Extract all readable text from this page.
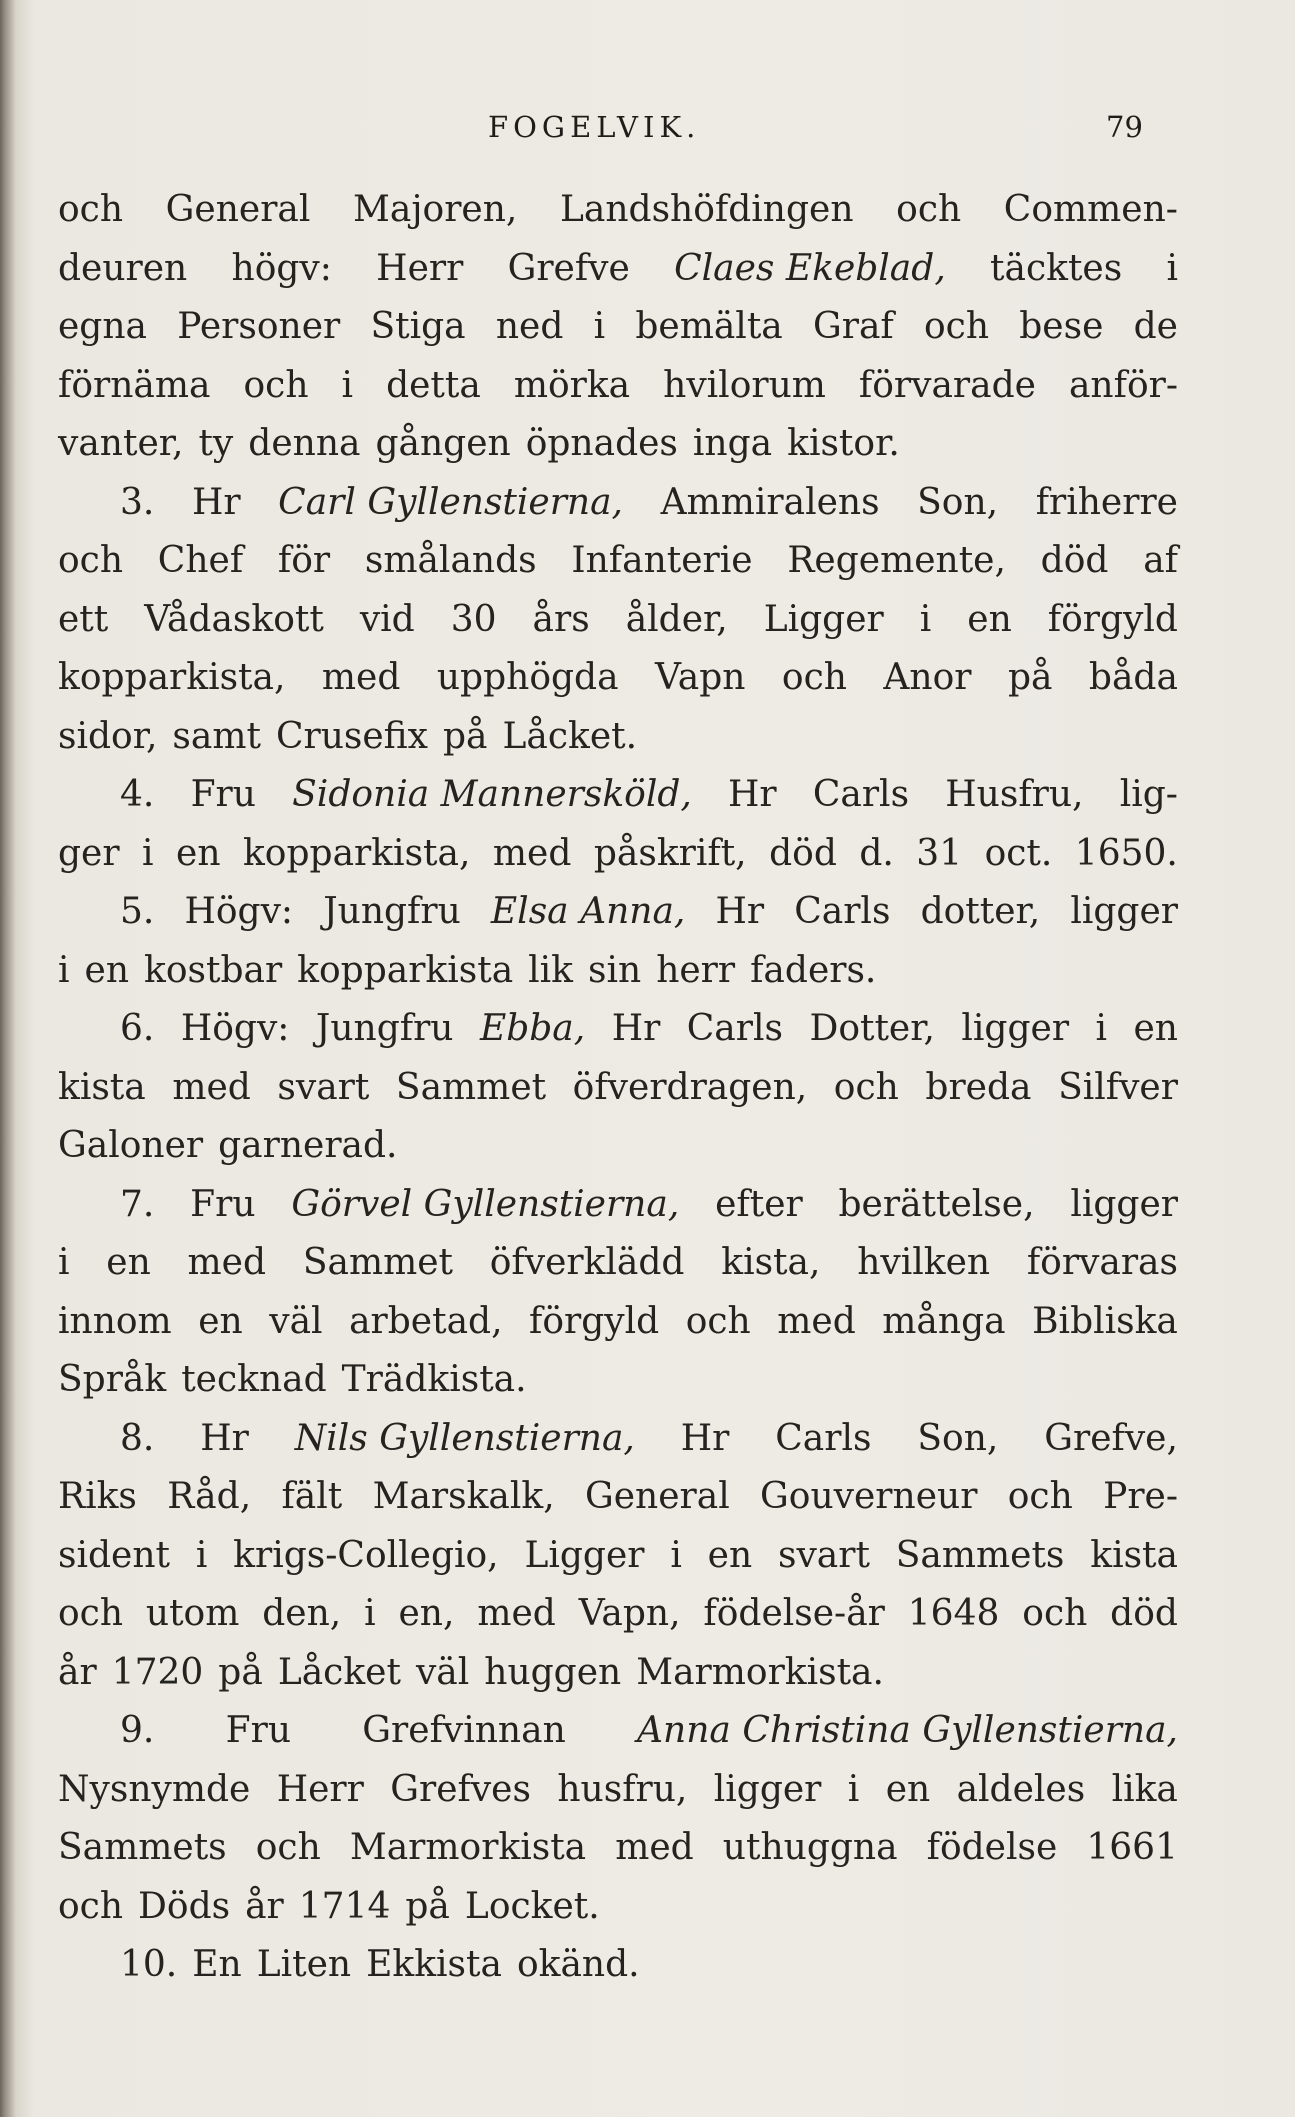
FOGELVIK.	79
och General Majoren, Landshöfdingen och Commen-
deuren högv: Herr Grefve Claes Ekeblad, täcktes i
egna Personer Stiga ned i bemälta Graf och bese de
förnäma och i detta mörka hvilorum förvarade anför-
vanter, ty denna gången öpnades inga kistor.
3. Hr Carl Gyllenstierna, Ammiralens Son, friherre
och Chef för smålands Infanterie Regemente, död af
ett Vådaskott vid 30 års ålder, Ligger i en förgyld
kopparkista, med upphögda Vapn och Anor på båda
sidor, samt Crusefix på Låcket.
4. Fru Sidonia Mannersköld, Hr Carls Husfru, lig-
ger i en kopparkista, med påskrift, död d. 31 oct. 1650.
5. Högv: Jungfru Elsa Anna, Hr Carls dotter, ligger
i en kostbar kopparkista lik sin herr faders.
6. Högv: Jungfru Ebba, Hr Carls Dotter, ligger i en
kista med svart Sammet öfverdragen, och breda Silfver
Galoner garnerad.
7. Fru Görvel Gyllenstierna, efter berättelse, ligger
i en med Sammet öfverklädd kista, hvilken förvaras
innom en väl arbetad, förgyld och med många Bibliska
Språk tecknad Trädkista.
8. Hr Nils Gyllenstierna, Hr Carls Son, Grefve,
Riks Råd, fält Marskalk, General Gouverneur och Pre-
sident i krigs-Collegio, Ligger i en svart Sammets kista
och utom den, i en, med Vapn, födelse-år 1648 och död
år 1720 på Låcket väl huggen Marmorkista.
9. Fru Grefvinnan Anna Christina Gyllenstierna,
Nysnymde Herr Grefves husfru, ligger i en aldeles lika
Sammets och Marmorkista med uthuggna födelse 1661
och Döds år 1714 på Locket.
10. En Liten Ekkista okänd.
